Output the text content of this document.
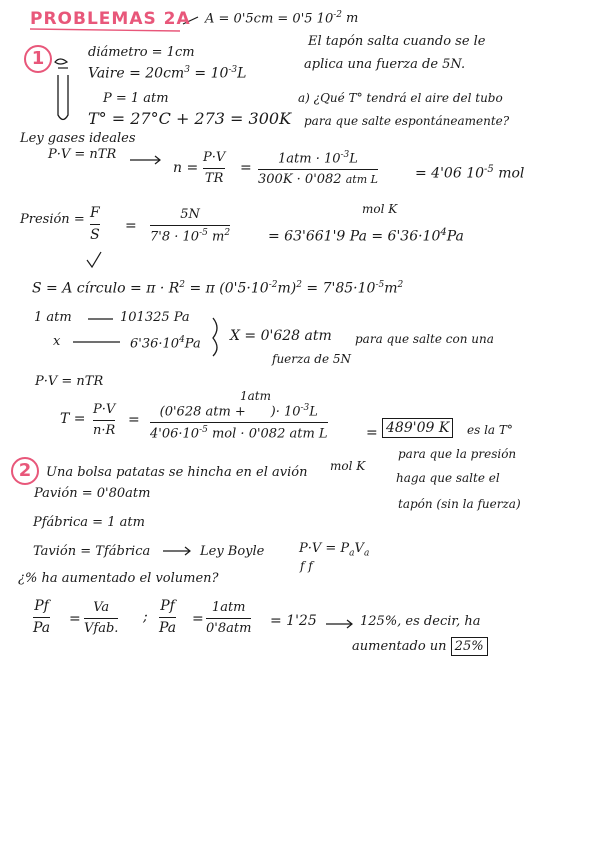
PROBLEMAS 2A A = 0'5cm = 0'5 $10^{-2}$ m
1	diámetro = 1cm
Vaire = $20cm^3 = 10^{-3}L$
P = 1 atm
T° = 27°C + 273 = 300K
El tapón salta cuando se le
aplica una fuerza de 5N.
a) ¿Qué T° tendrá el aire del tubo
para que salte espontáneamente?
Ley gases ideales
P·V = nTR
n =
P·V
TR
=
$1atm \cdot 10^{-3}L$
300K · 0'082 atm L
mol K
= 4'06 $10^{-5}$ mol
Presión = F
S
=
5N
$7'8 \cdot 10^{-5}$ $m^2$	= 63'661'9 $Pa = 6'36\cdot 10^4Pa$
S = A círculo = $\pi \cdot R^2 = \pi$ $(0'5\cdot 10^{-2}m)^2 = 7'85\cdot 10^{-5}m^2$
1 atm	101325 Pa
x	$6'36\cdot 10^4Pa$ X = 0'628 atm para que salte con una
fuerza de 5N
P·V = nTR
T =
P·V
n·R
=
1atm
(0'628 atm + )· $10^{-3}L$
$4'06\cdot 10^{-5}$ mol · 0'082 atm L
mol K
= 489'09 K	es la T°
para que la presión
haga que salte el
tapón (sin la fuerza)
2	Una bolsa patatas se hincha en el avión
Pavión = 0'80atm
Pfábrica = 1 atm
Tavión = Tfábrica	Ley Boyle	$P\cdot V = P_aV_a$
f f
¿% ha aumentado el volumen?
Pf
Pa
=
Va
Vfab.
;
Pf
Pa
=
1atm
0'8atm = 1'25	125%, es decir, ha
aumentado un 25%
